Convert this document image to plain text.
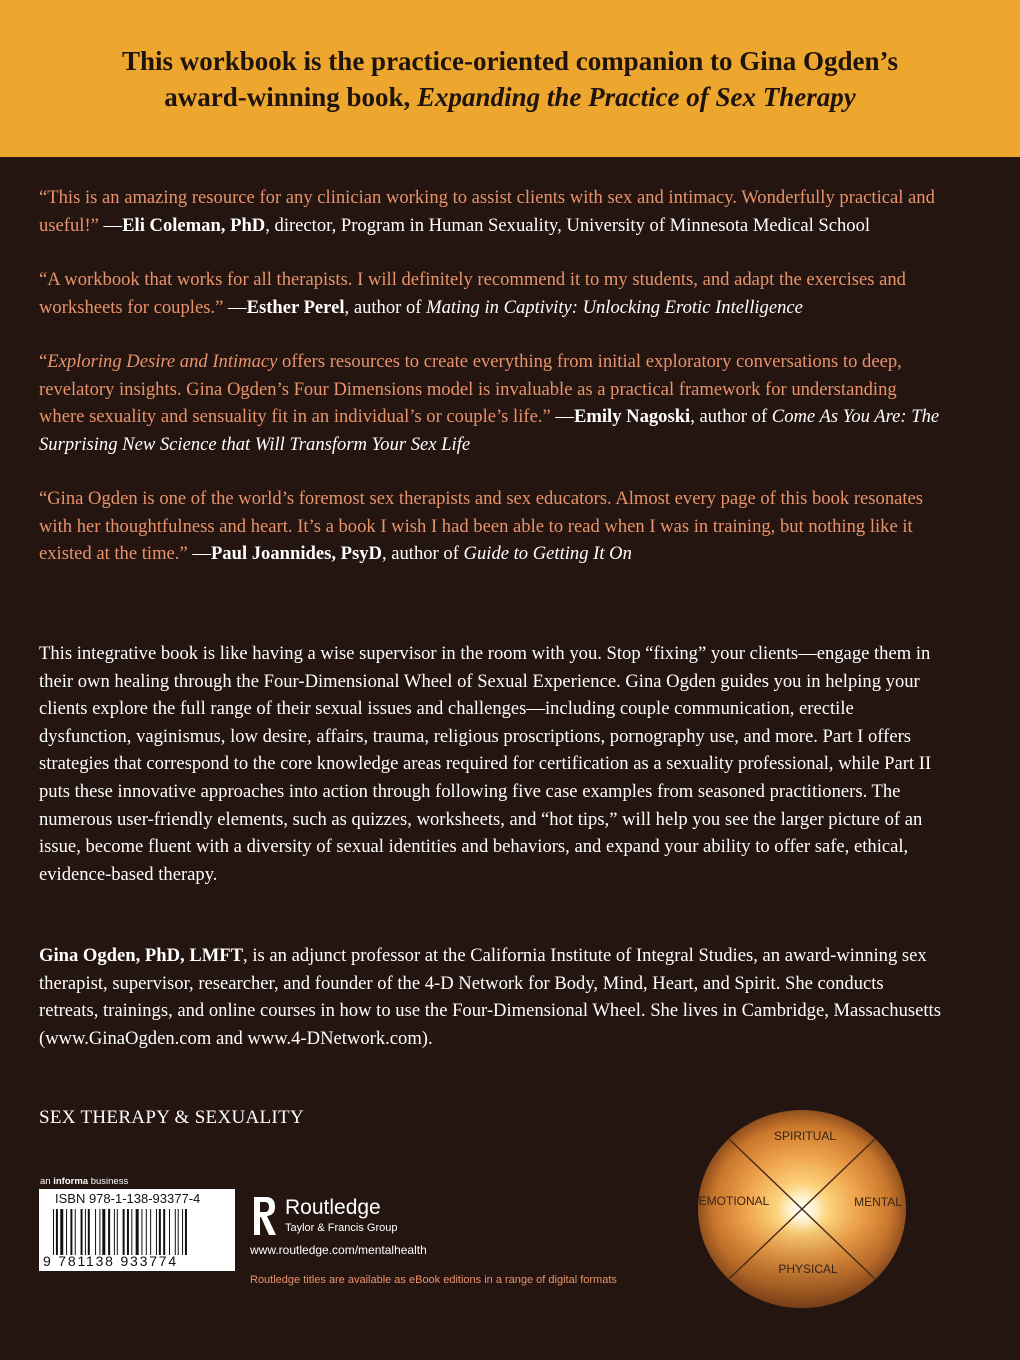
This workbook is the practice-oriented companion to Gina Ogden’s
award-winning book, Expanding the Practice of Sex Therapy

“This is an amazing resource for any clinician working to assist clients with sex and intimacy. Wonderfully practical and useful!” —Eli Coleman, PhD, director, Program in Human Sexuality, University of Minnesota Medical School

“A workbook that works for all therapists. I will definitely recommend it to my students, and adapt the exercises and worksheets for couples.” —Esther Perel, author of Mating in Captivity: Unlocking Erotic Intelligence

“Exploring Desire and Intimacy offers resources to create everything from initial exploratory conversations to deep, revelatory insights. Gina Ogden’s Four Dimensions model is invaluable as a practical framework for understanding where sexuality and sensuality fit in an individual’s or couple’s life.” —Emily Nagoski, author of Come As You Are: The Surprising New Science that Will Transform Your Sex Life

“Gina Ogden is one of the world’s foremost sex therapists and sex educators. Almost every page of this book resonates with her thoughtfulness and heart. It’s a book I wish I had been able to read when I was in training, but nothing like it existed at the time.” —Paul Joannides, PsyD, author of Guide to Getting It On

This integrative book is like having a wise supervisor in the room with you. Stop “fixing” your clients—engage them in their own healing through the Four-Dimensional Wheel of Sexual Experience. Gina Ogden guides you in helping your clients explore the full range of their sexual issues and challenges—including couple communication, erectile dysfunction, vaginismus, low desire, affairs, trauma, religious proscriptions, pornography use, and more. Part I offers strategies that correspond to the core knowledge areas required for certification as a sexuality professional, while Part II puts these innovative approaches into action through following five case examples from seasoned practitioners. The numerous user-friendly elements, such as quizzes, worksheets, and “hot tips,” will help you see the larger picture of an issue, become fluent with a diversity of sexual identities and behaviors, and expand your ability to offer safe, ethical, evidence-based therapy.

Gina Ogden, PhD, LMFT, is an adjunct professor at the California Institute of Integral Studies, an award-winning sex therapist, supervisor, researcher, and founder of the 4-D Network for Body, Mind, Heart, and Spirit. She conducts retreats, trainings, and online courses in how to use the Four-Dimensional Wheel. She lives in Cambridge, Massachusetts (www.GinaOgden.com and www.4-DNetwork.com).

SEX THERAPY & SEXUALITY
an informa business
ISBN 978-1-138-93377-4
9 781138 933774
Routledge
Taylor & Francis Group
www.routledge.com/mentalhealth
Routledge titles are available as eBook editions in a range of digital formats
SPIRITUAL
EMOTIONAL	MENTAL
PHYSICAL
